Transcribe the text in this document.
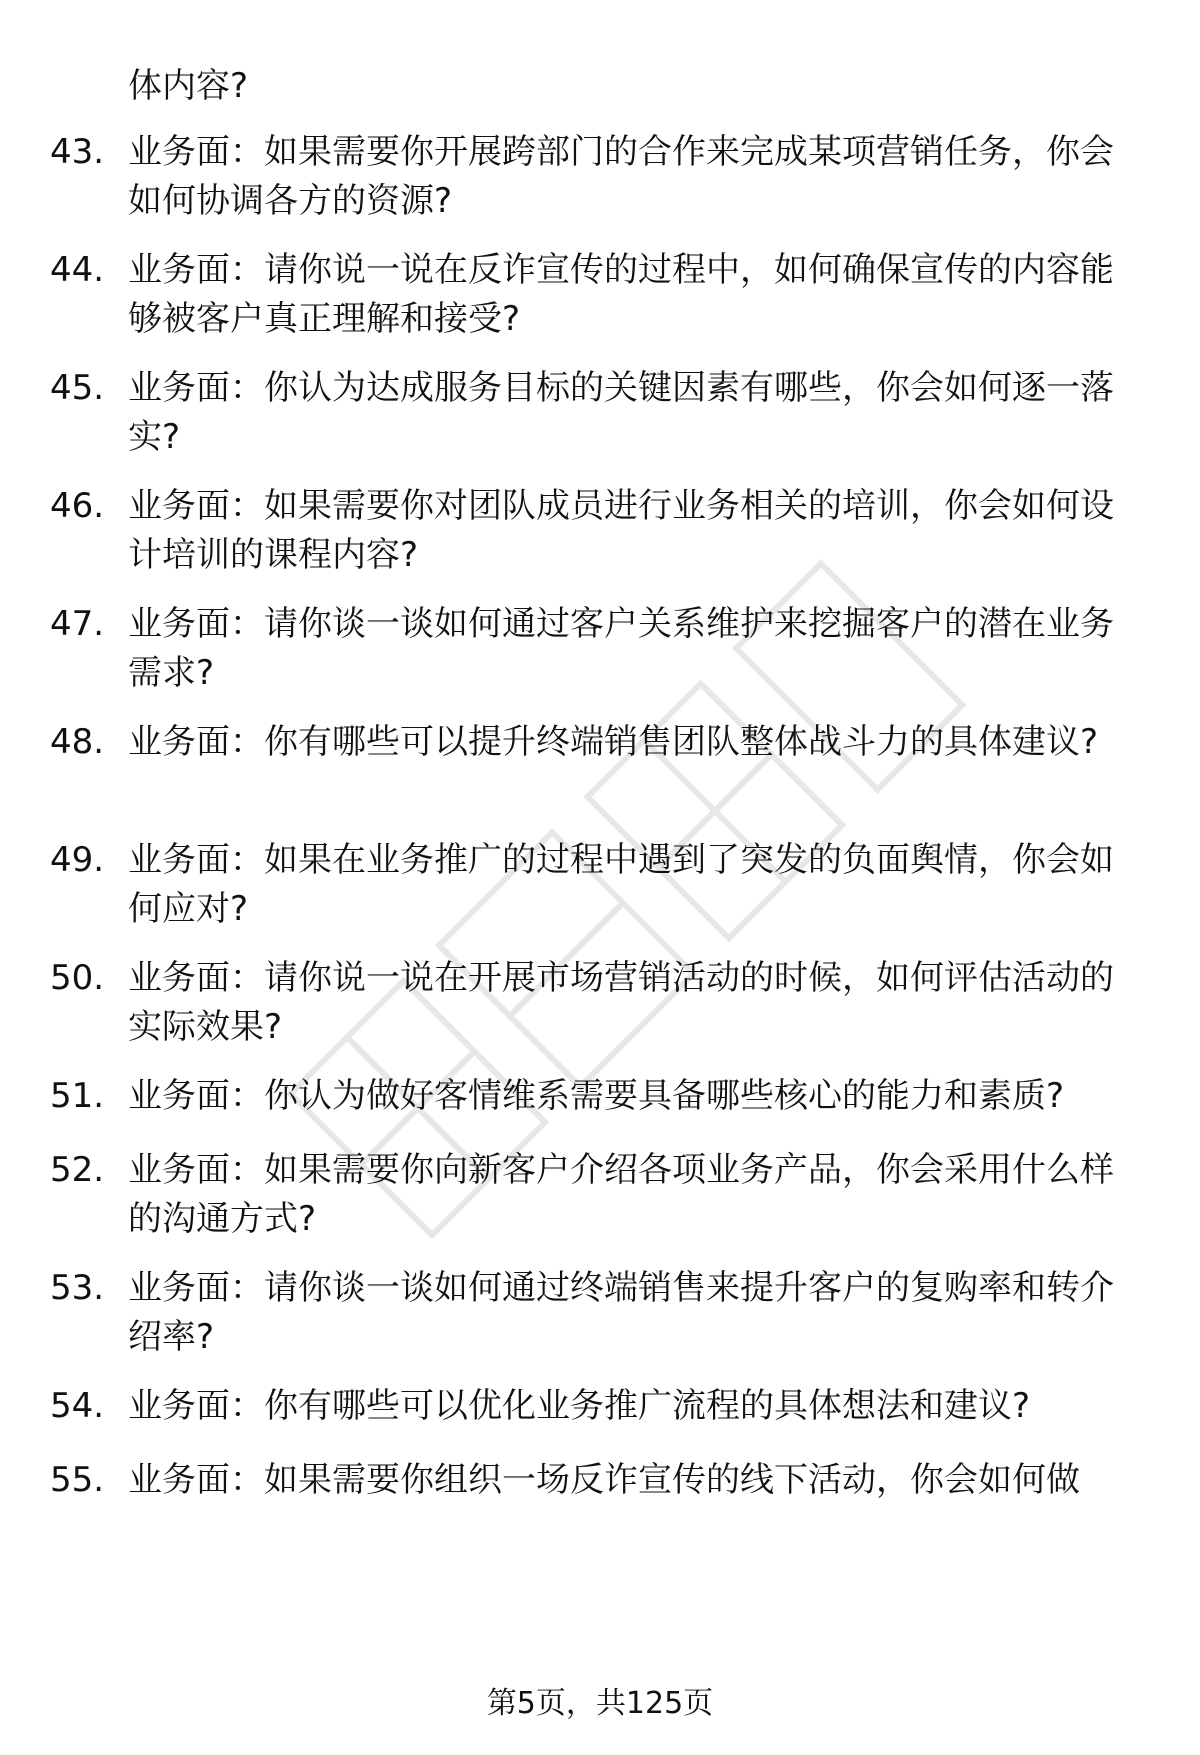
体内容?
43. 业务面：如果需要你开展跨部门的合作来完成某项营销任务，你会如何协调各方的资源?
44. 业务面：请你说一说在反诈宣传的过程中，如何确保宣传的内容能够被客户真正理解和接受?
45. 业务面：你认为达成服务目标的关键因素有哪些，你会如何逐一落实?
46. 业务面：如果需要你对团队成员进行业务相关的培训，你会如何设计培训的课程内容?
47. 业务面：请你谈一谈如何通过客户关系维护来挖掘客户的潜在业务需求?
48. 业务面：你有哪些可以提升终端销售团队整体战斗力的具体建议?
49. 业务面：如果在业务推广的过程中遇到了突发的负面舆情，你会如何应对?
50. 业务面：请你说一说在开展市场营销活动的时候，如何评估活动的实际效果?
51. 业务面：你认为做好客情维系需要具备哪些核心的能力和素质?
52. 业务面：如果需要你向新客户介绍各项业务产品，你会采用什么样的沟通方式?
53. 业务面：请你谈一谈如何通过终端销售来提升客户的复购率和转介绍率?
54. 业务面：你有哪些可以优化业务推广流程的具体想法和建议?
55. 业务面：如果需要你组织一场反诈宣传的线下活动，你会如何做
第5页，共125页
